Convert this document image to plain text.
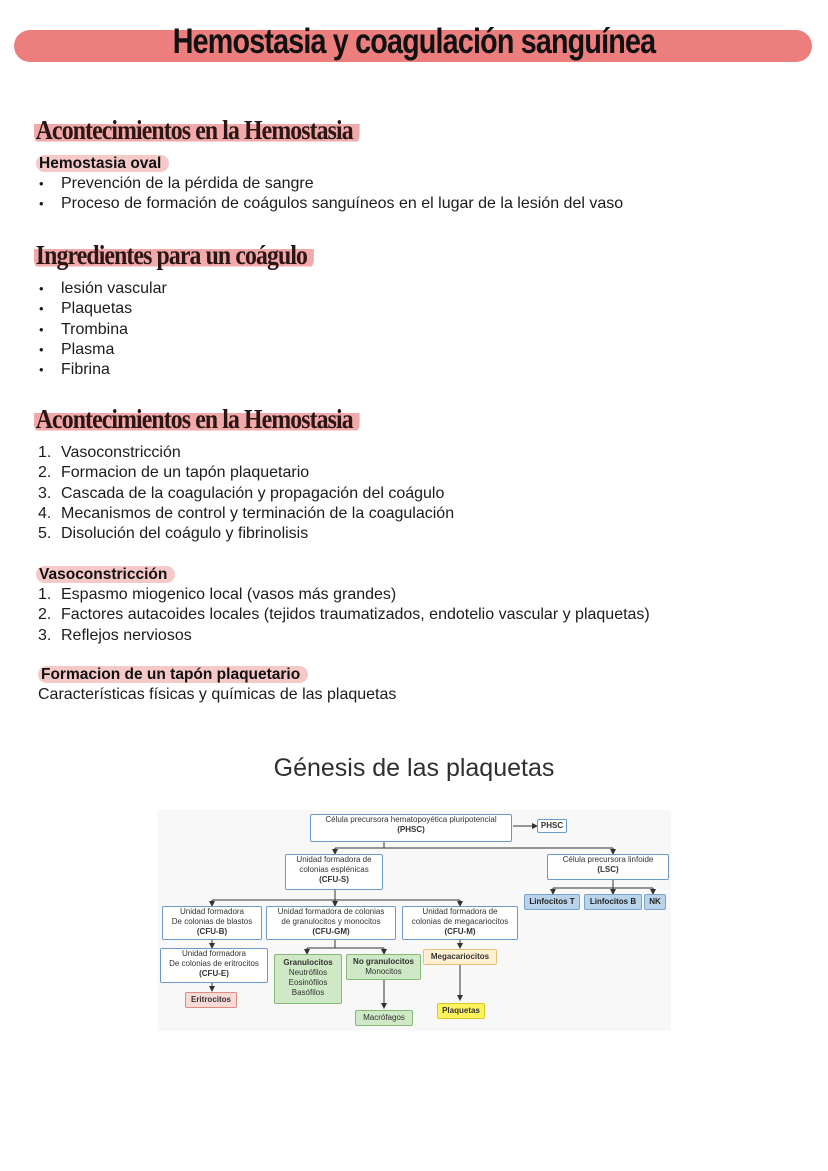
Hemostasia y coagulación sanguínea
Acontecimientos en la Hemostasia
Hemostasia oval
• Prevención de la pérdida de sangre
• Proceso de formación de coágulos sanguíneos en el lugar de la lesión del vaso
Ingredientes para un coágulo
• lesión vascular
• Plaquetas
• Trombina
• Plasma
• Fibrina
Acontecimientos en la Hemostasia
1. Vasoconstricción
2. Formacion de un tapón plaquetario
3. Cascada de la coagulación y propagación del coágulo
4. Mecanismos de control y terminación de la coagulación
5. Disolución del coágulo y fibrinolisis
Vasoconstricción
1. Espasmo miogenico local (vasos más grandes)
2. Factores autacoides locales (tejidos traumatizados, endotelio vascular y plaquetas)
3. Reflejos nerviosos
Formacion de un tapón plaquetario
Características físicas y químicas de las plaquetas
Génesis de las plaquetas
Célula precursora hematopoyética pluripotencial
(PHSC)	PHSC
Unidad formadora de
colonias esplénicas
(CFU-S)
Célula precursora linfoide
(LSC)
Linfocitos T	Linfocitos B	NK
Unidad formadora
De colonias de blastos
(CFU-B)
Unidad formadora de colonias
de granulocitos y monocitos
(CFU-GM)
Unidad formadora de
colonias de megacariocitos
(CFU-M)
Unidad formadora
De colonias de eritrocitos
(CFU-E)
Eritrocitos
Granulocitos
Neutrófilos
Eosinófilos
Basófilos
No granulocitos
Monocitos
Macrófagos
Megacariocitos
Plaquetas
